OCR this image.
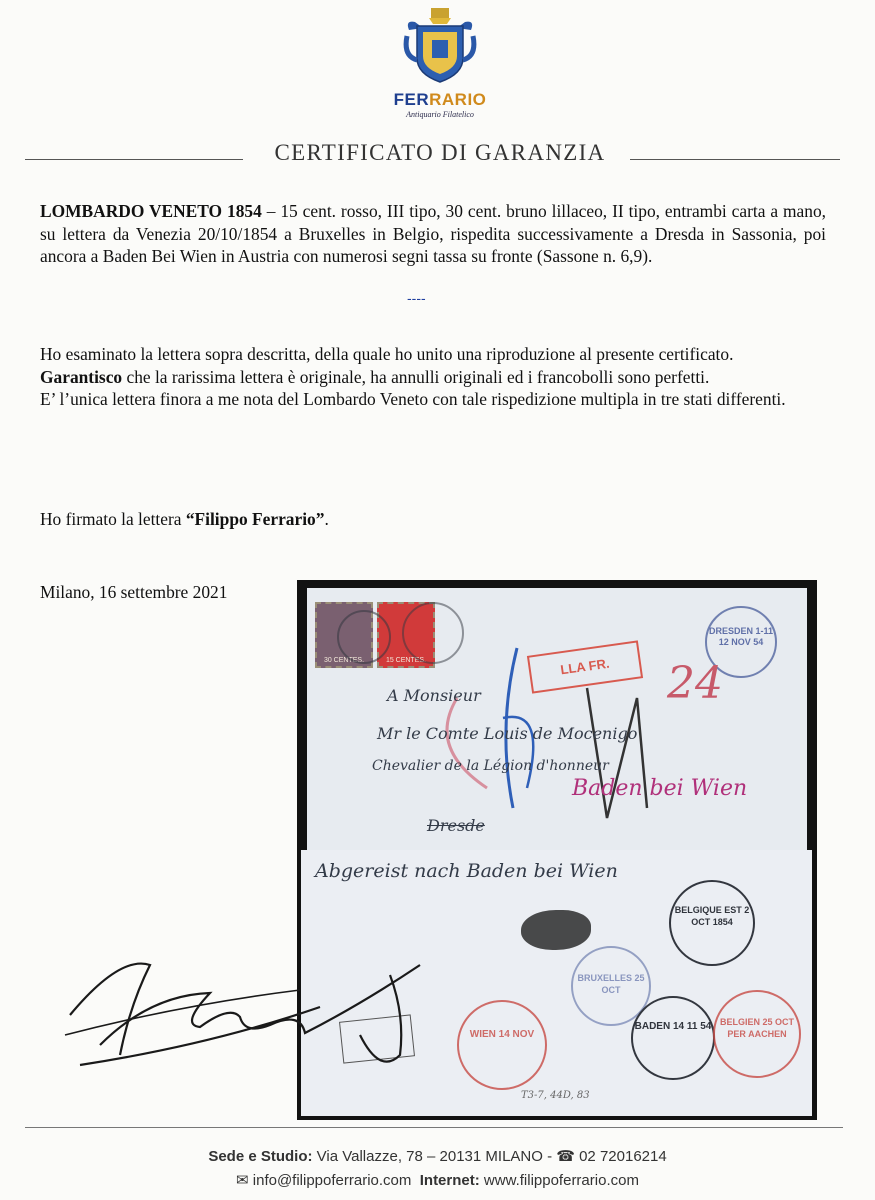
FERRARIO
Antiquario Filatelico
CERTIFICATO DI GARANZIA
LOMBARDO VENETO 1854 – 15 cent. rosso, III tipo, 30 cent. bruno lillaceo, II tipo, entrambi carta a mano, su lettera da Venezia 20/10/1854 a Bruxelles in Belgio, rispedita successivamente a Dresda in Sassonia, poi ancora a Baden Bei Wien in Austria con numerosi segni tassa su fronte (Sassone n. 6,9).
----
Ho esaminato la lettera sopra descritta, della quale ho unito una riproduzione al presente certificato.
Garantisco che la rarissima lettera è originale, ha annulli originali ed i francobolli sono perfetti.
E’ l’unica lettera finora a me nota del Lombardo Veneto con tale rispedizione multipla in tre stati differenti.
Ho firmato la lettera “Filippo Ferrario”.
Milano, 16 settembre 2021
30 CENTES.	15 CENTES.
DRESDEN 1-11 12 NOV 54
LLA FR.	24
A Monsieur
Mr le Comte Louis de Mocenigo
Chevalier de la Légion d'honneur
Baden bei Wien
Dresde
Abgereist nach Baden bei Wien
BELGIQUE EST 2 OCT 1854
BRUXELLES 25 OCT
WIEN 14 NOV
BADEN 14 11 54 BELGIEN 25 OCT PER AACHEN
T3-7, 44D, 83
Sede e Studio: Via Vallazze, 78 – 20131 MILANO - ☎ 02 72016214
✉ info@filippoferrario.com Internet: www.filippoferrario.com
